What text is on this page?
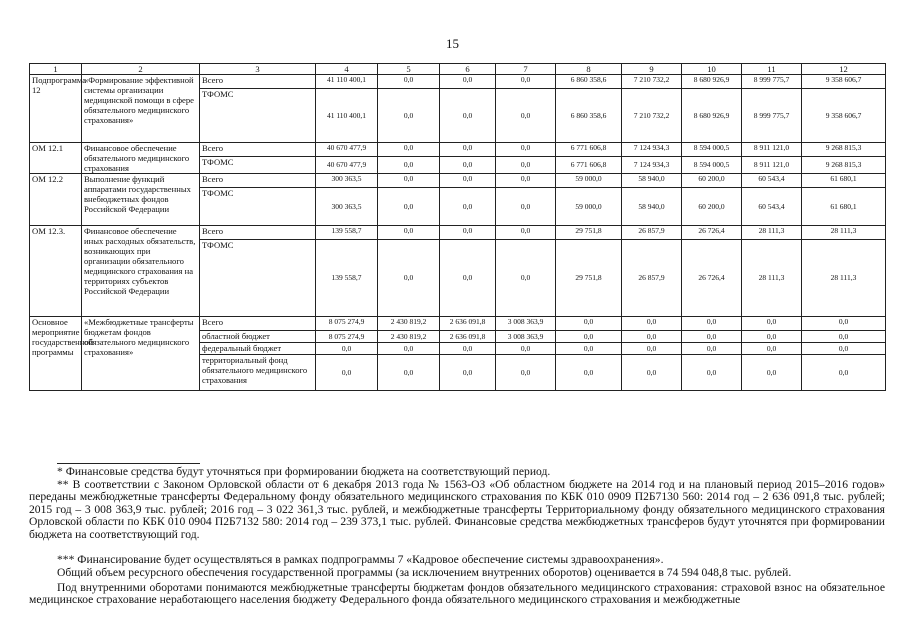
15
1	2	3	4	5	6	7	8	9	10	11	12
Подпрограмма 12	«Формирование эффективной системы организации медицинской помощи в сфере обязательного медицинского страхования»	Всего	41 110 400,1	0,0	0,0	0,0	6 860 358,6	7 210 732,2	8 680 926,9	8 999 775,7	9 358 606,7
		ТФОМС	41 110 400,1	0,0	0,0	0,0	6 860 358,6	7 210 732,2	8 680 926,9	8 999 775,7	9 358 606,7
ОМ 12.1	Финансовое обеспечение обязательного медицинского страхования	Всего	40 670 477,9	0,0	0,0	0,0	6 771 606,8	7 124 934,3	8 594 000,5	8 911 121,0	9 268 815,3
		ТФОМС	40 670 477,9	0,0	0,0	0,0	6 771 606,8	7 124 934,3	8 594 000,5	8 911 121,0	9 268 815,3
ОМ 12.2	Выполнение функций аппаратами государственных внебюджетных фондов Российской Федерации	Всего	300 363,5	0,0	0,0	0,0	59 000,0	58 940,0	60 200,0	60 543,4	61 680,1
		ТФОМС	300 363,5	0,0	0,0	0,0	59 000,0	58 940,0	60 200,0	60 543,4	61 680,1
ОМ 12.3.	Финансовое обеспечение иных расходных обязательств, возникающих при организации обязательного медицинского страхования на территориях субъектов Российской Федерации	Всего	139 558,7	0,0	0,0	0,0	29 751,8	26 857,9	26 726,4	28 111,3	28 111,3
		ТФОМС	139 558,7	0,0	0,0	0,0	29 751,8	26 857,9	26 726,4	28 111,3	28 111,3
Основное мероприятие государственной программы	«Межбюджетные трансферты бюджетам фондов обязательного медицинского страхования»	Всего	8 075 274,9	2 430 819,2	2 636 091,8	3 008 363,9	0,0	0,0	0,0	0,0	0,0
		областной бюджет	8 075 274,9	2 430 819,2	2 636 091,8	3 008 363,9	0,0	0,0	0,0	0,0	0,0
		федеральный бюджет	0,0	0,0	0,0	0,0	0,0	0,0	0,0	0,0	0,0
		территориальный фонд обязательного медицинского страхования	0,0	0,0	0,0	0,0	0,0	0,0	0,0	0,0	0,0

* Финансовые средства будут уточняться при формировании бюджета на соответствующий период.

** В соответствии с Законом Орловской области от 6 декабря 2013 года № 1563-ОЗ «Об областном бюджете на 2014 год и на плановый период 2015–2016 годов» переданы межбюджетные трансферты Федеральному фонду обязательного медицинского страхования по КБК 010 0909 П2Б7130 560: 2014 год – 2 636 091,8 тыс. рублей; 2015 год – 3 008 363,9 тыс. рублей; 2016 год – 3 022 361,3 тыс. рублей, и межбюджетные трансферты Территориальному фонду обязательного медицинского страхования Орловской области по КБК 010 0904 П2Б7132 580: 2014 год – 239 373,1 тыс. рублей. Финансовые средства межбюджетных трансферов будут уточнятся при формировании бюджета на соответствующий год.

*** Финансирование будет осуществляться в рамках подпрограммы 7 «Кадровое обеспечение системы здравоохранения».

Общий объем ресурсного обеспечения государственной программы (за исключением внутренних оборотов) оценивается в 74 594 048,8 тыс. рублей.

Под внутренними оборотами понимаются межбюджетные трансферты бюджетам фондов обязательного медицинского страхования: страховой взнос на обязательное медицинское страхование неработающего населения бюджету Федерального фонда обязательного медицинского страхования и межбюджетные
